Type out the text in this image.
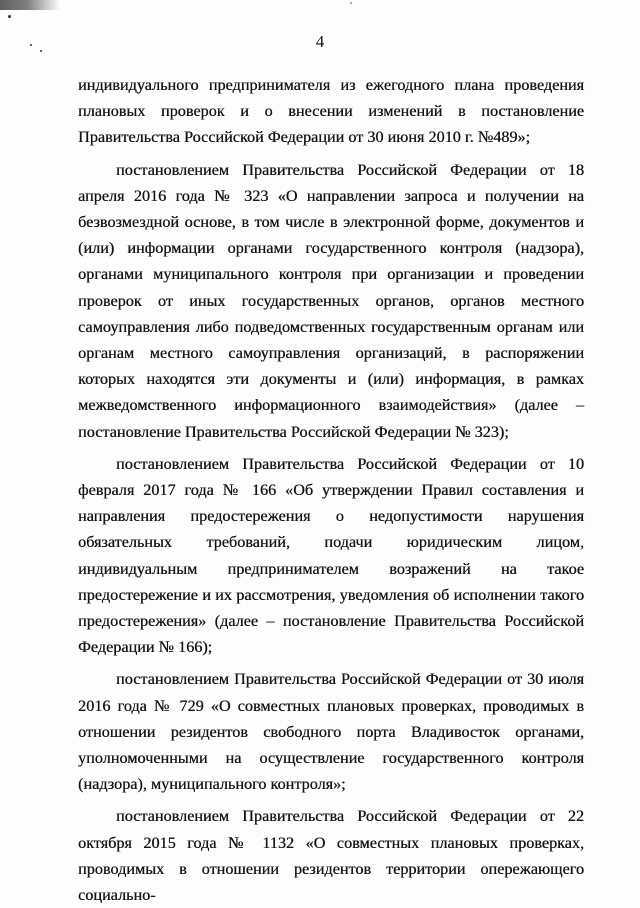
4

индивидуального предпринимателя из ежегодного плана проведения плановых проверок и о внесении изменений в постановление Правительства Российской Федерации от 30 июня 2010 г. №489»;

постановлением Правительства Российской Федерации от 18 апреля 2016 года № 323 «О направлении запроса и получении на безвозмездной основе, в том числе в электронной форме, документов и (или) информации органами государственного контроля (надзора), органами муниципального контроля при организации и проведении проверок от иных государственных органов, органов местного самоуправления либо подведомственных государственным органам или органам местного самоуправления организаций, в распоряжении которых находятся эти документы и (или) информация, в рамках межведомственного информационного взаимодействия» (далее – постановление Правительства Российской Федерации № 323);

постановлением Правительства Российской Федерации от 10 февраля 2017 года № 166 «Об утверждении Правил составления и направления предостережения о недопустимости нарушения обязательных требований, подачи юридическим лицом, индивидуальным предпринимателем возражений на такое предостережение и их рассмотрения, уведомления об исполнении такого предостережения» (далее – постановление Правительства Российской Федерации № 166);

постановлением Правительства Российской Федерации от 30 июля 2016 года № 729 «О совместных плановых проверках, проводимых в отношении резидентов свободного порта Владивосток органами, уполномоченными на осуществление государственного контроля (надзора), муниципального контроля»;

постановлением Правительства Российской Федерации от 22 октября 2015 года № 1132 «О совместных плановых проверках, проводимых в отношении резидентов территории опережающего социально-
